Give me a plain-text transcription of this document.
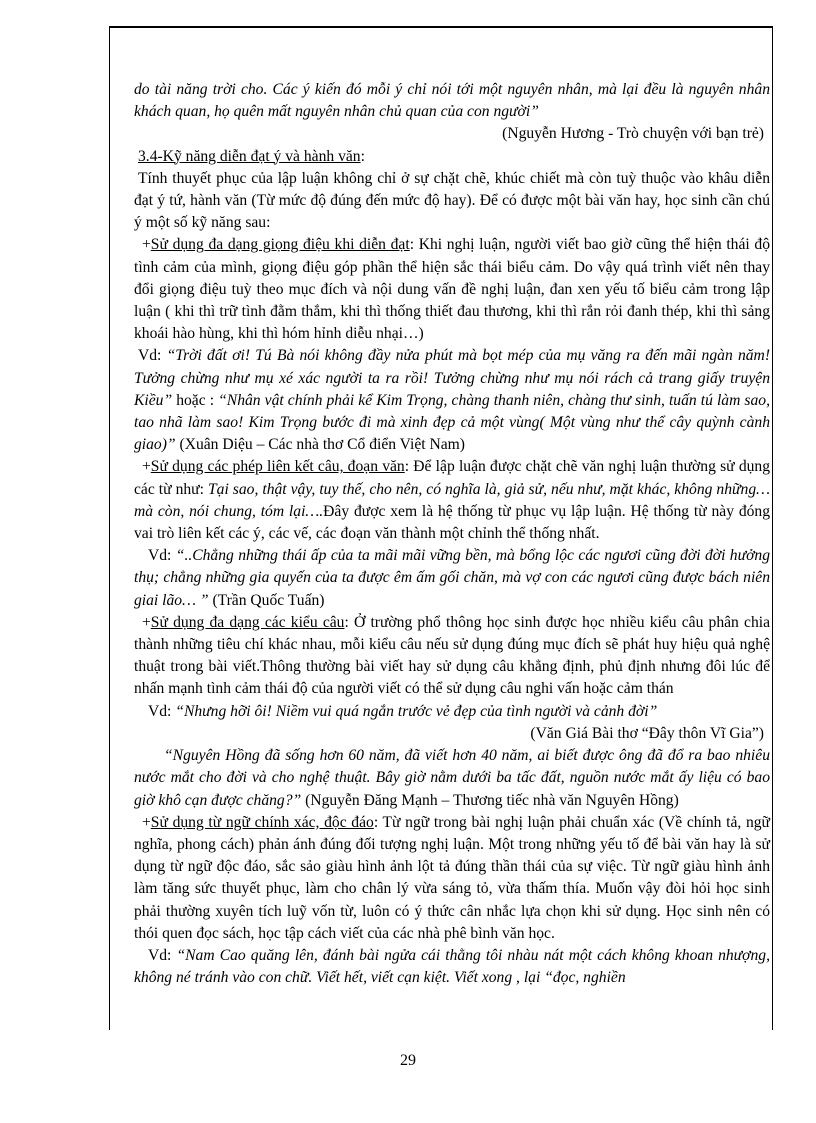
do tài năng trời cho. Các ý kiến đó mỗi ý chỉ nói tới một nguyên nhân, mà lại đều là nguyên nhân khách quan, họ quên mất nguyên nhân chủ quan của con người”

(Nguyễn Hương - Trò chuyện với bạn trẻ)

3.4-Kỹ năng diễn đạt ý và hành văn:

Tính thuyết phục của lập luận không chỉ ở sự chặt chẽ, khúc chiết mà còn tuỳ thuộc vào khâu diễn đạt ý tứ, hành văn (Từ mức độ đúng đến mức độ hay). Để có được một bài văn hay, học sinh cần chú ý một số kỹ năng sau:

+Sử dụng đa dạng giọng điệu khi diễn đạt: Khi nghị luận, người viết bao giờ cũng thể hiện thái độ tình cảm của mình, giọng điệu góp phần thể hiện sắc thái biểu cảm. Do vậy quá trình viết nên thay đổi giọng điệu tuỳ theo mục đích và nội dung vấn đề nghị luận, đan xen yếu tố biểu cảm trong lập luận ( khi thì trữ tình đằm thắm, khi thì thống thiết đau thương, khi thì rắn rỏi đanh thép, khi thì sảng khoái hào hùng, khi thì hóm hỉnh diễu nhại…)

Vd: “Trời đất ơi! Tú Bà nói không đầy nửa phút mà bọt mép của mụ văng ra đến mãi ngàn năm! Tưởng chừng như mụ xé xác người ta ra rồi! Tưởng chừng như mụ nói rách cả trang giấy truyện Kiều” hoặc : “Nhân vật chính phải kể Kim Trọng, chàng thanh niên, chàng thư sinh, tuấn tú làm sao, tao nhã làm sao! Kim Trọng bước đi mà xinh đẹp cả một vùng( Một vùng như thể cây quỳnh cành giao)” (Xuân Diệu – Các nhà thơ Cổ điển Việt Nam)

+Sử dụng các phép liên kết câu, đoạn văn: Để lập luận được chặt chẽ văn nghị luận thường sử dụng các từ như: Tại sao, thật vậy, tuy thế, cho nên, có nghĩa là, giả sử, nếu như, mặt khác, không những…mà còn, nói chung, tóm lại….Đây được xem là hệ thống từ phục vụ lập luận. Hệ thống từ này đóng vai trò liên kết các ý, các vế, các đoạn văn thành một chỉnh thể thống nhất.

Vd: “..Chẳng những thái ấp của ta mãi mãi vững bền, mà bổng lộc các ngươi cũng đời đời hưởng thụ; chẳng những gia quyến của ta được êm ấm gối chăn, mà vợ con các ngươi cũng được bách niên giai lão… ” (Trần Quốc Tuấn)

+Sử dụng đa dạng các kiểu câu: Ở trường phổ thông học sinh được học nhiều kiểu câu phân chia thành những tiêu chí khác nhau, mỗi kiểu câu nếu sử dụng đúng mục đích sẽ phát huy hiệu quả nghệ thuật trong bài viết.Thông thường bài viết hay sử dụng câu khẳng định, phủ định nhưng đôi lúc để nhấn mạnh tình cảm thái độ của người viết có thể sử dụng câu nghi vấn hoặc cảm thán

Vd: “Nhưng hỡi ôi! Niềm vui quá ngắn trước vẻ đẹp của tình người và cảnh đời”

(Văn Giá Bài thơ “Đây thôn Vĩ Gia”)

“Nguyên Hồng đã sống hơn 60 năm, đã viết hơn 40 năm, ai biết được ông đã đổ ra bao nhiêu nước mắt cho đời và cho nghệ thuật. Bây giờ nằm dưới ba tấc đất, nguồn nước mắt ấy liệu có bao giờ khô cạn được chăng?” (Nguyễn Đăng Mạnh – Thương tiếc nhà văn Nguyên Hồng)

+Sử dụng từ ngữ chính xác, độc đáo: Từ ngữ trong bài nghị luận phải chuẩn xác (Về chính tả, ngữ nghĩa, phong cách) phản ánh đúng đối tượng nghị luận. Một trong những yếu tố để bài văn hay là sử dụng từ ngữ độc đáo, sắc sảo giàu hình ảnh lột tả đúng thần thái của sự việc. Từ ngữ giàu hình ảnh làm tăng sức thuyết phục, làm cho chân lý vừa sáng tỏ, vừa thấm thía. Muốn vậy đòi hỏi học sinh phải thường xuyên tích luỹ vốn từ, luôn có ý thức cân nhắc lựa chọn khi sử dụng. Học sinh nên có thói quen đọc sách, học tập cách viết của các nhà phê bình văn học.

Vd: “Nam Cao quăng lên, đánh bài ngửa cái thằng tôi nhàu nát một cách không khoan nhượng, không né tránh vào con chữ. Viết hết, viết cạn kiệt. Viết xong , lại “đọc, nghiền

29
